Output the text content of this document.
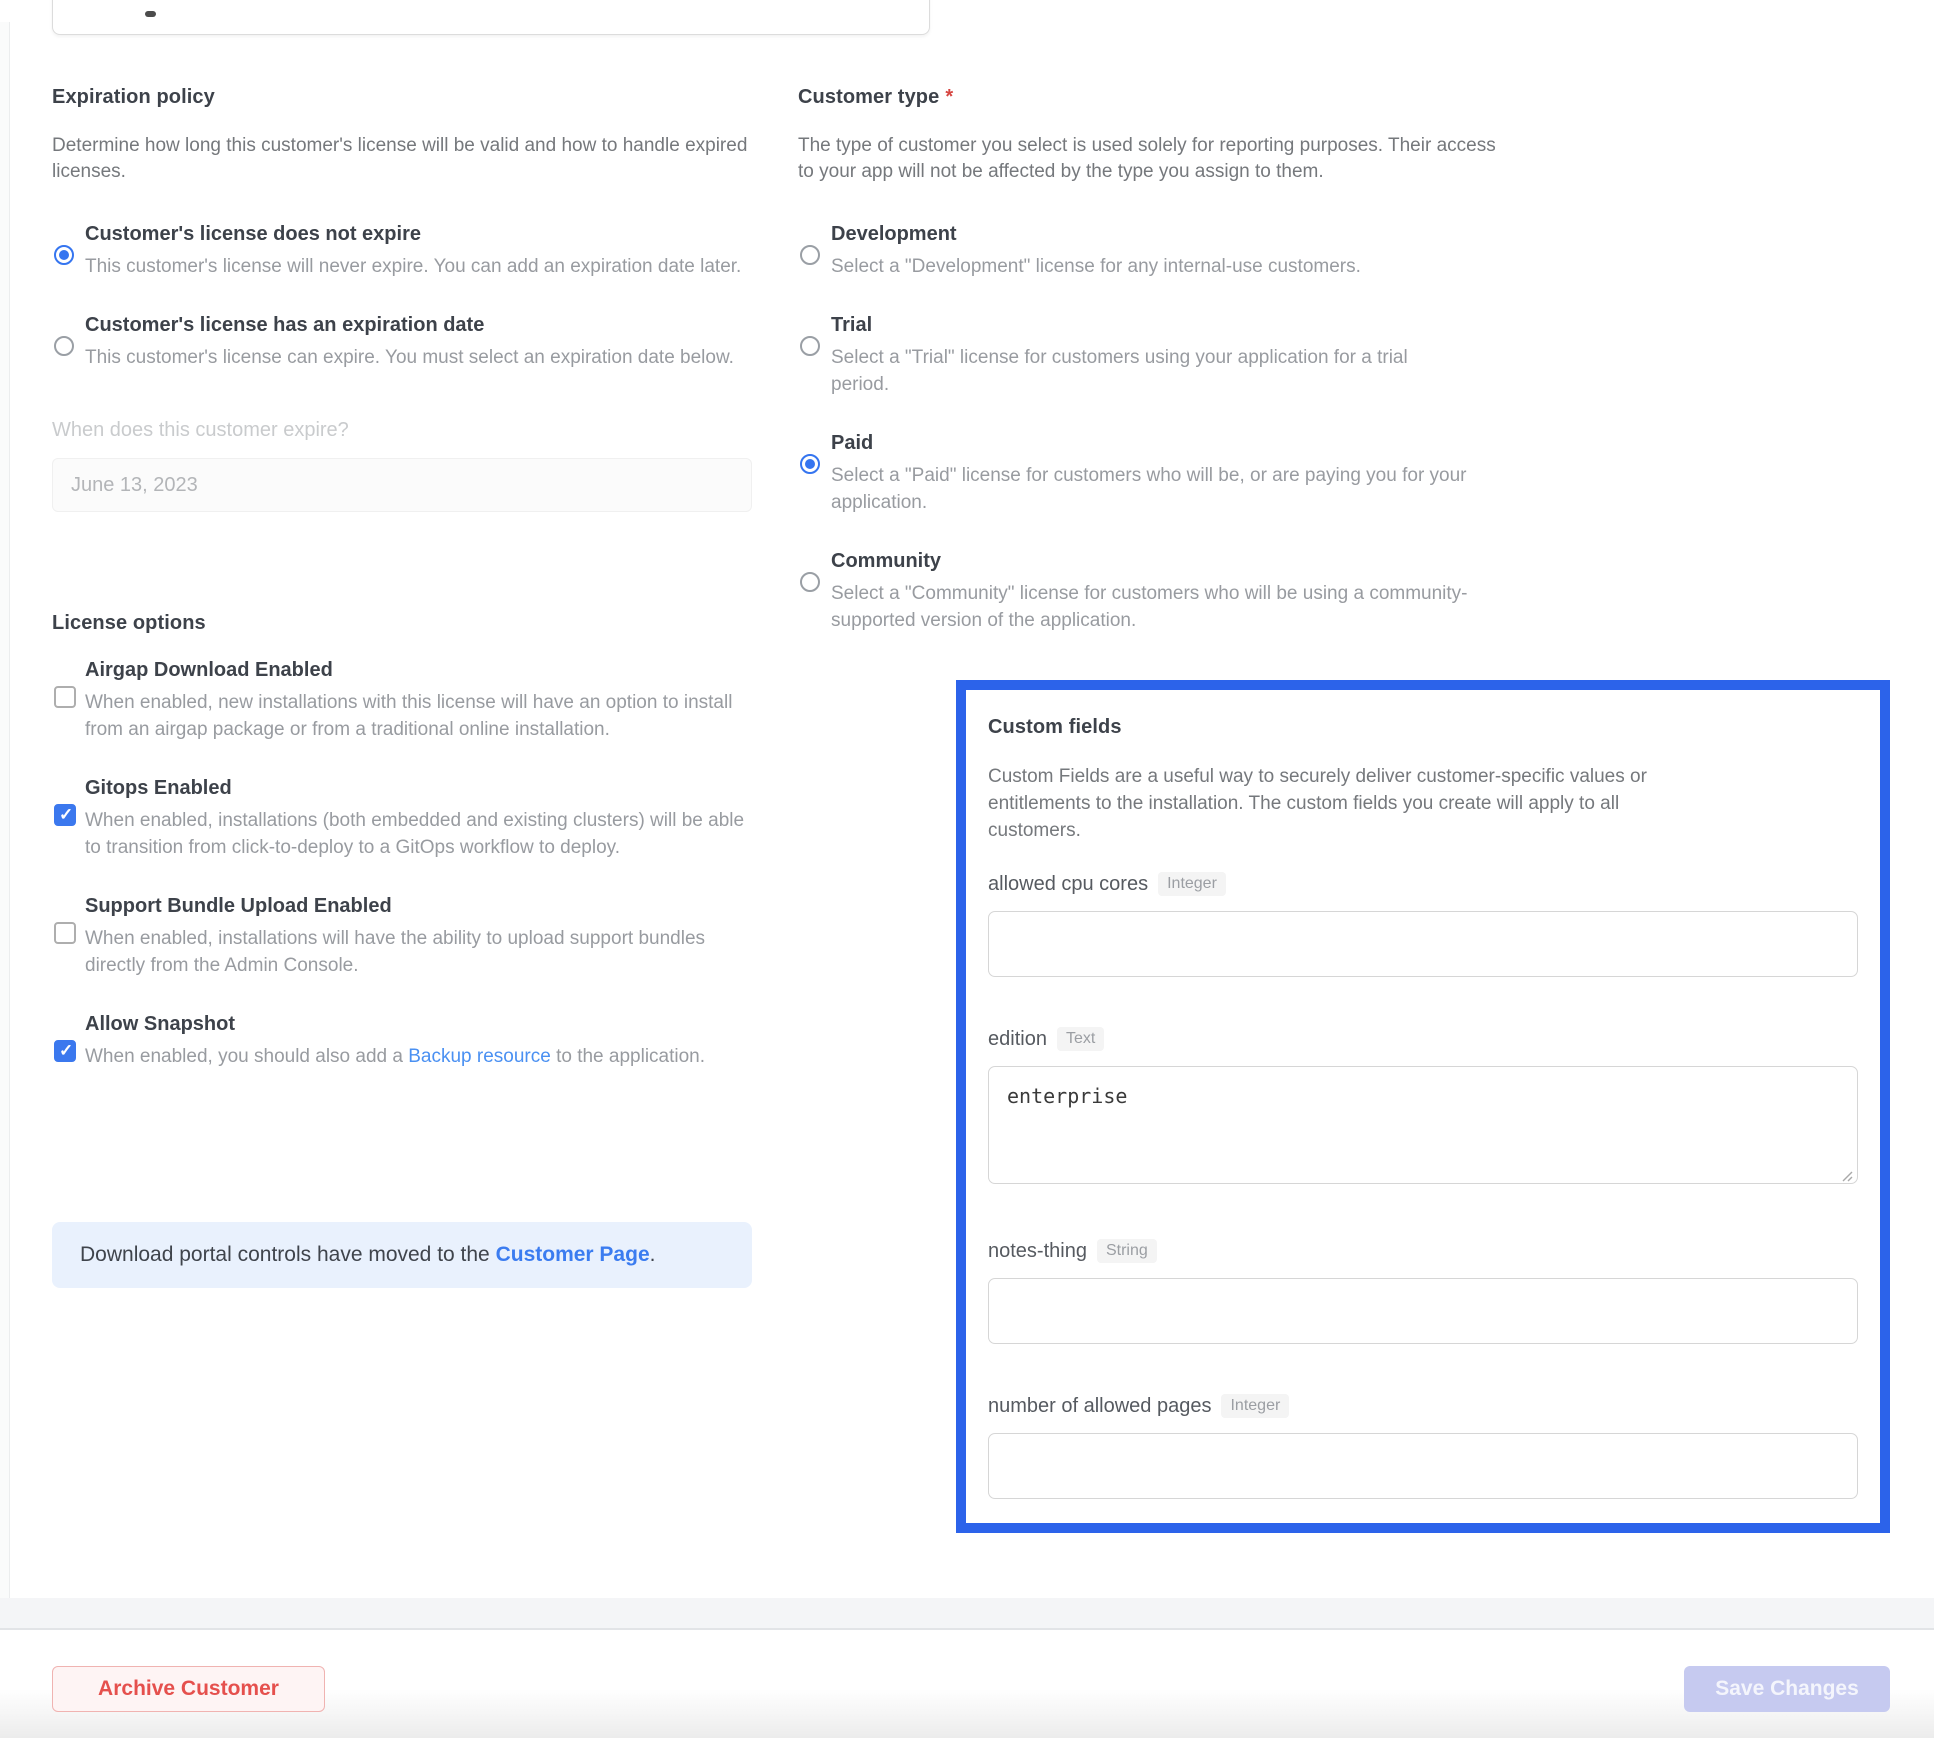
Expiration policy

Determine how long this customer's license will be valid and how to handle expired licenses.

Customer's license does not expire
This customer's license will never expire. You can add an expiration date later.
Customer's license has an expiration date
This customer's license can expire. You must select an expiration date below.
When does this customer expire?
June 13, 2023
License options
Airgap Download Enabled
When enabled, new installations with this license will have an option to install from an airgap package or from a traditional online installation.
✓
Gitops Enabled
When enabled, installations (both embedded and existing clusters) will be able to transition from click-to-deploy to a GitOps workflow to deploy.
Support Bundle Upload Enabled
When enabled, installations will have the ability to upload support bundles directly from the Admin Console.
✓
Allow Snapshot
When enabled, you should also add a Backup resource to the application.
Download portal controls have moved to the Customer Page.
Customer type *

The type of customer you select is used solely for reporting purposes. Their access to your app will not be affected by the type you assign to them.

Development
Select a "Development" license for any internal-use customers.
Trial
Select a "Trial" license for customers using your application for a trial period.
Paid
Select a "Paid" license for customers who will be, or are paying you for your application.
Community
Select a "Community" license for customers who will be using a community-supported version of the application.
Custom fields

Custom Fields are a useful way to securely deliver customer-specific values or entitlements to the installation. The custom fields you create will apply to all customers.

allowed cpu cores Integer
edition Text
enterprise
notes-thing String
number of allowed pages Integer
Archive Customer	Save Changes
